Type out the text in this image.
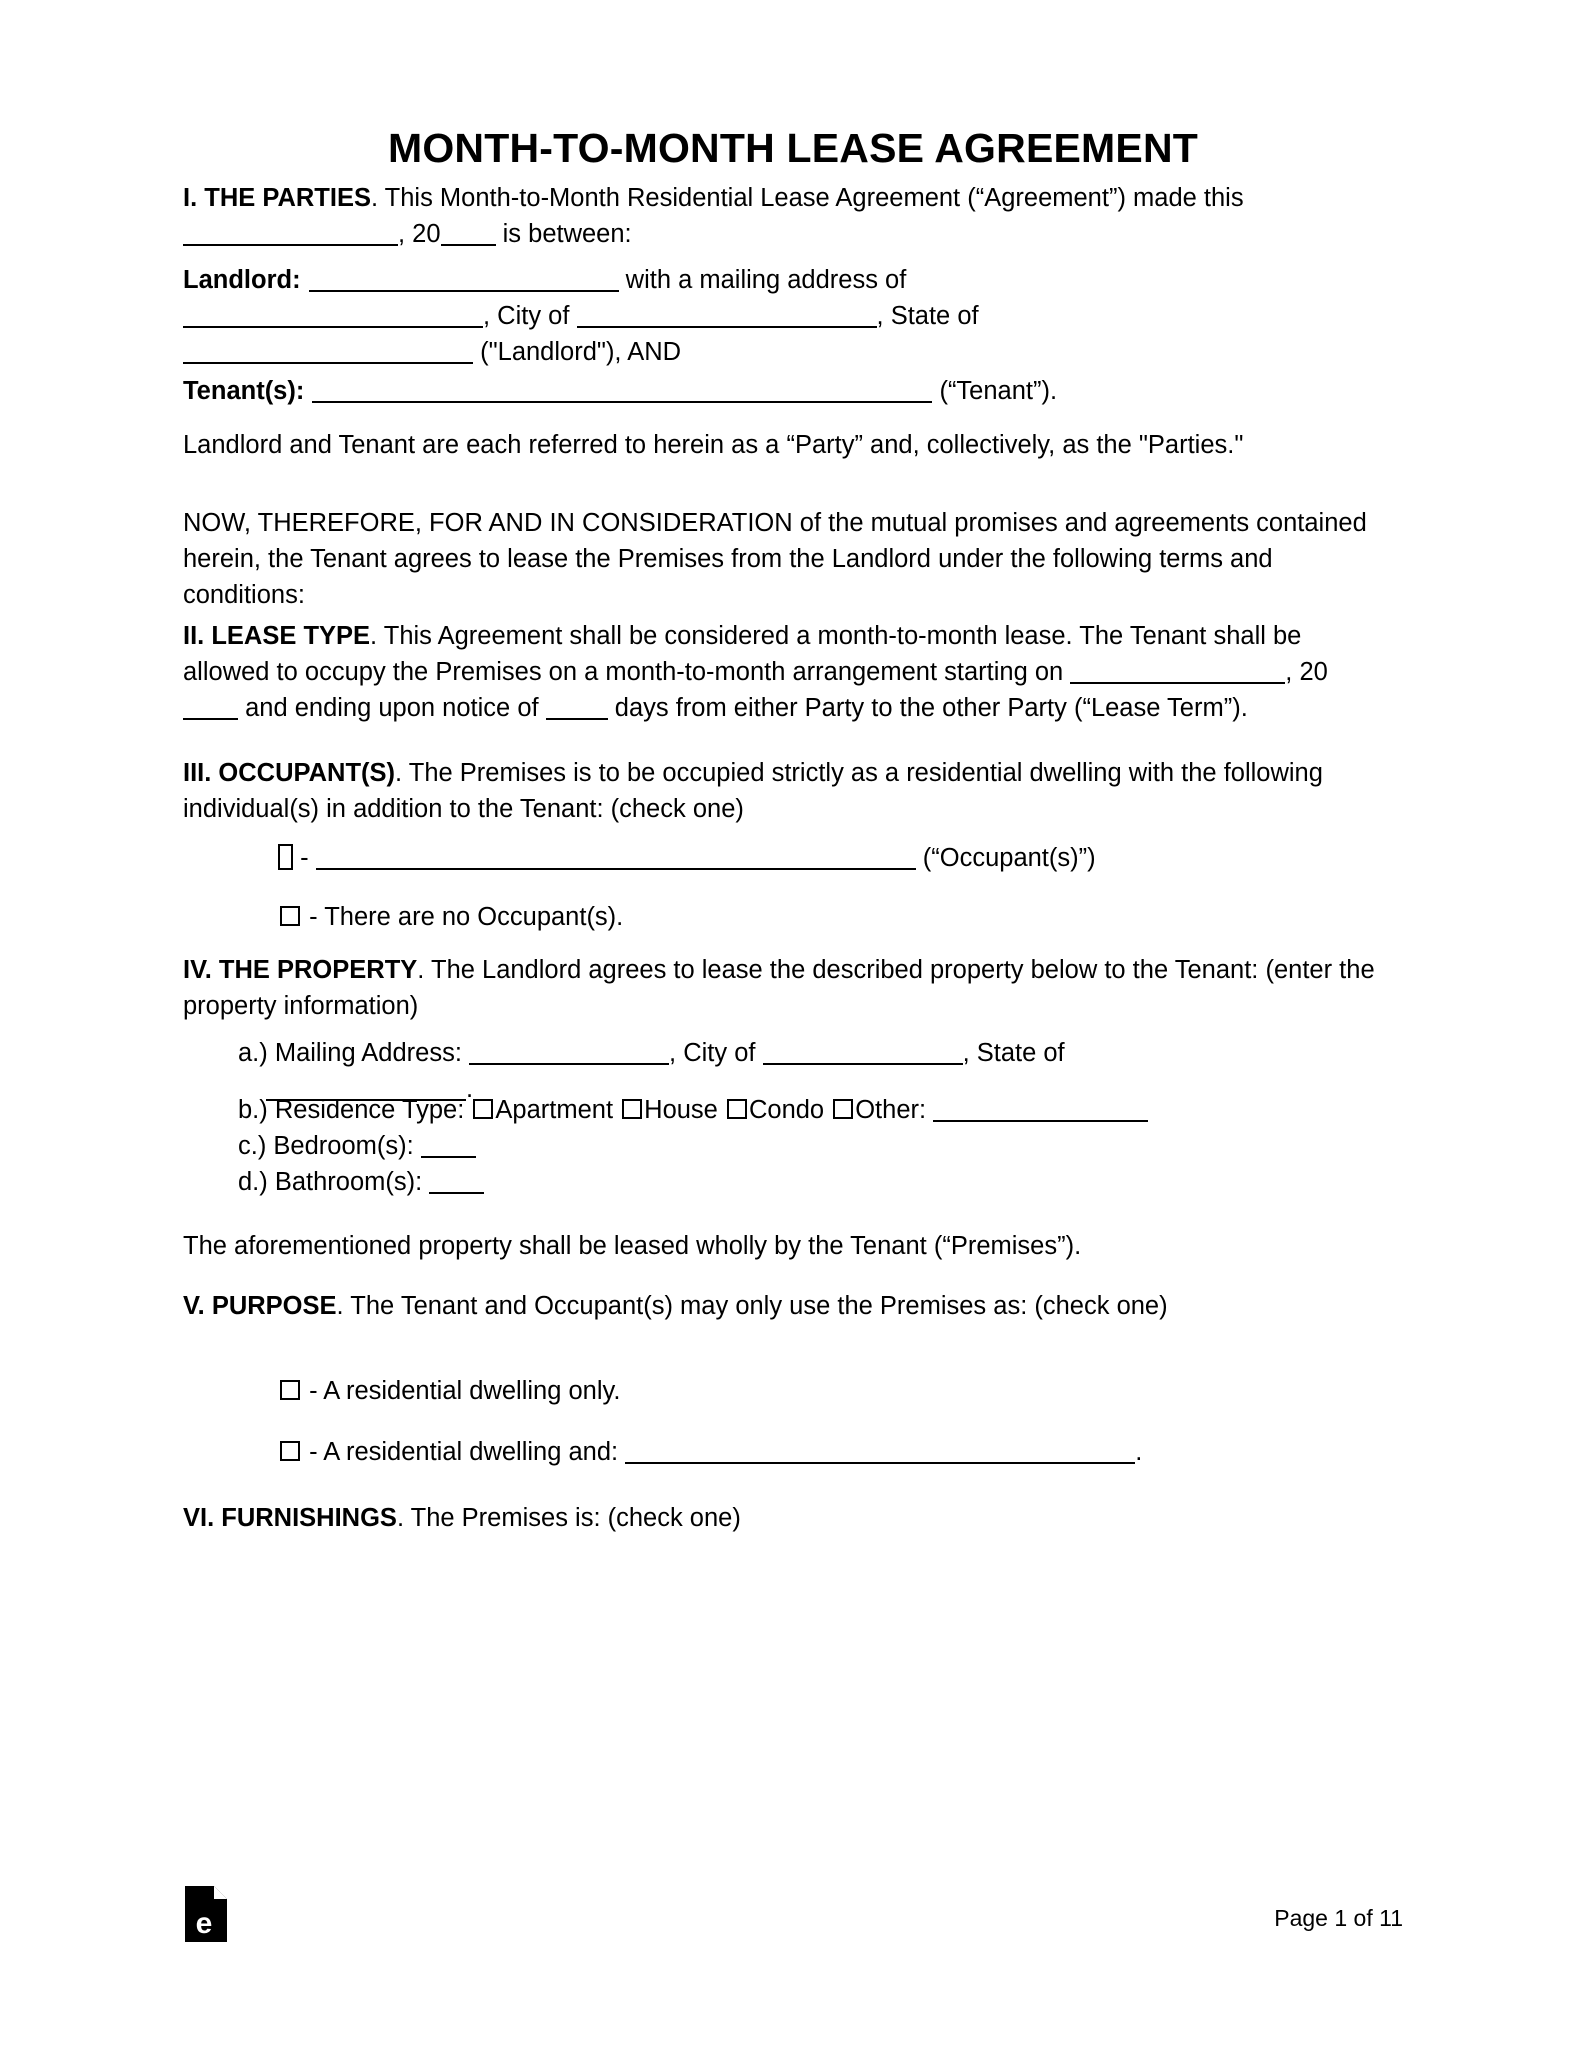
MONTH-TO-MONTH LEASE AGREEMENT
I. THE PARTIES. This Month-to-Month Residential Lease Agreement (“Agreement”) made this , 20 is between:
Landlord:	with a mailing address of
, City of	, State of
("Landlord"), AND
Tenant(s):	(“Tenant”).
Landlord and Tenant are each referred to herein as a “Party” and, collectively, as the "Parties."
NOW, THEREFORE, FOR AND IN CONSIDERATION of the mutual promises and agreements contained herein, the Tenant agrees to lease the Premises from the Landlord under the following terms and conditions:
II. LEASE TYPE. This Agreement shall be considered a month-to-month lease. The Tenant shall be allowed to occupy the Premises on a month-to-month arrangement starting on	, 20 and ending upon notice of  days from either Party to the other Party (“Lease Term”).
III. OCCUPANT(S). The Premises is to be occupied strictly as a residential dwelling with the following individual(s) in addition to the Tenant: (check one)
-	(“Occupant(s)”)
- There are no Occupant(s).
IV. THE PROPERTY. The Landlord agrees to lease the described property below to the Tenant: (enter the property information)
a.) Mailing Address:	, City of	, State of
.
b.) Residence Type: Apartment House Condo Other:
c.) Bedroom(s):
d.) Bathroom(s):
The aforementioned property shall be leased wholly by the Tenant (“Premises”).
V. PURPOSE. The Tenant and Occupant(s) may only use the Premises as: (check one)
- A residential dwelling only.
- A residential dwelling and:	.
VI. FURNISHINGS. The Premises is: (check one)
e	Page 1 of 11
